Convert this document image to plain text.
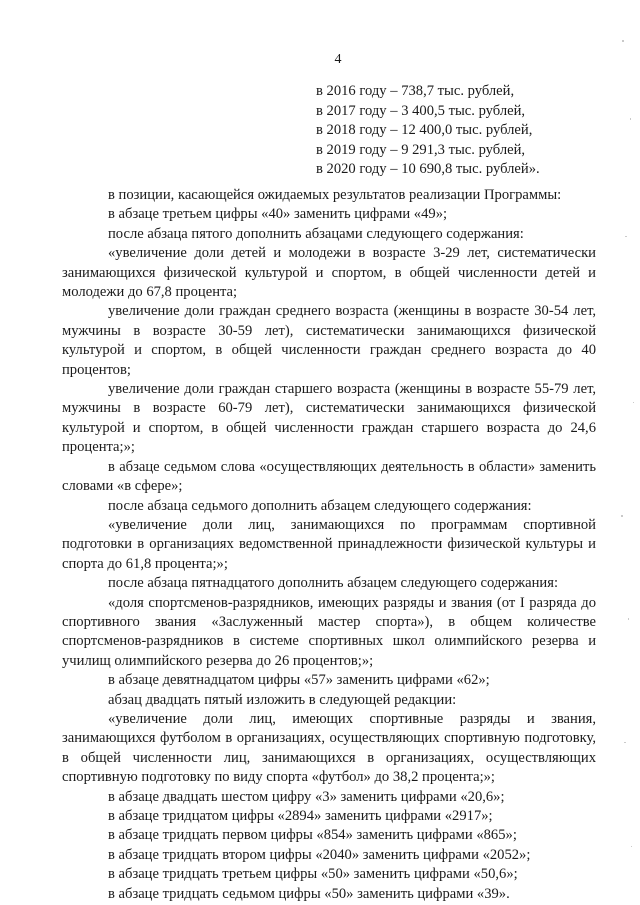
4
в 2016 году – 738,7 тыс. рублей,
в 2017 году – 3 400,5 тыс. рублей,
в 2018 году – 12 400,0 тыс. рублей,
в 2019 году – 9 291,3 тыс. рублей,
в 2020 году – 10 690,8 тыс. рублей».

в позиции, касающейся ожидаемых результатов реализации Программы:

в абзаце третьем цифры «40» заменить цифрами «49»;

после абзаца пятого дополнить абзацами следующего содержания:

«увеличение доли детей и молодежи в возрасте 3-29 лет, систематически занимающихся физической культурой и спортом, в общей численности детей и молодежи до 67,8 процента;

увеличение доли граждан среднего возраста (женщины в возрасте 30-54 лет, мужчины в возрасте 30-59 лет), систематически занимающихся физической культурой и спортом, в общей численности граждан среднего возраста до 40 процентов;

увеличение доли граждан старшего возраста (женщины в возрасте 55-79 лет, мужчины в возрасте 60-79 лет), систематически занимающихся физической культурой и спортом, в общей численности граждан старшего возраста до 24,6 процента;»;

в абзаце седьмом слова «осуществляющих деятельность в области» заменить словами «в сфере»;

после абзаца седьмого дополнить абзацем следующего содержания:

«увеличение доли лиц, занимающихся по программам спортивной подготовки в организациях ведомственной принадлежности физической культуры и спорта до 61,8 процента;»;

после абзаца пятнадцатого дополнить абзацем следующего содержания:

«доля спортсменов-разрядников, имеющих разряды и звания (от I разряда до спортивного звания «Заслуженный мастер спорта»), в общем количестве спортсменов-разрядников в системе спортивных школ олимпийского резерва и училищ олимпийского резерва до 26 процентов;»;

в абзаце девятнадцатом цифры «57» заменить цифрами «62»;

абзац двадцать пятый изложить в следующей редакции:

«увеличение доли лиц, имеющих спортивные разряды и звания, занимающихся футболом в организациях, осуществляющих спортивную подготовку, в общей численности лиц, занимающихся в организациях, осуществляющих спортивную подготовку по виду спорта «футбол» до 38,2 процента;»;

в абзаце двадцать шестом цифру «3» заменить цифрами «20,6»;

в абзаце тридцатом цифры «2894» заменить цифрами «2917»;

в абзаце тридцать первом цифры «854» заменить цифрами «865»;

в абзаце тридцать втором цифры «2040» заменить цифрами «2052»;

в абзаце тридцать третьем цифры «50» заменить цифрами «50,6»;

в абзаце тридцать седьмом цифры «50» заменить цифрами «39».
